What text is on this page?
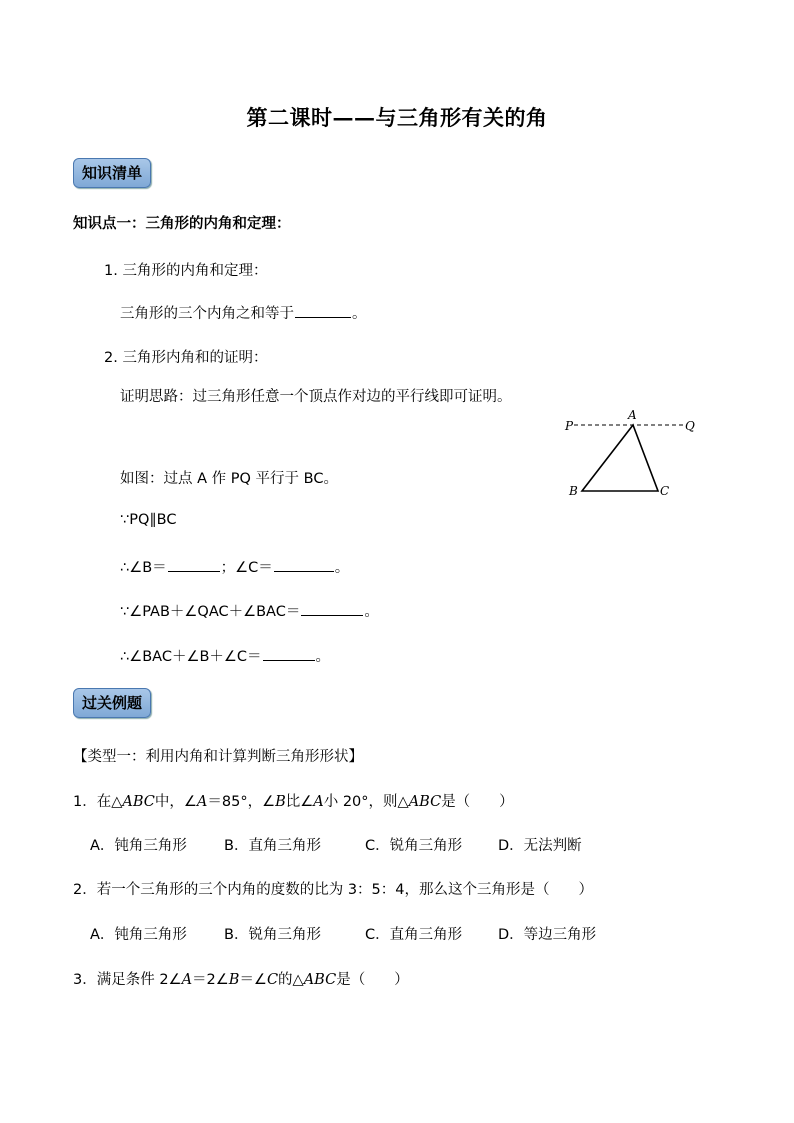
第二课时——与三角形有关的角
知识清单
知识点一：三角形的内角和定理：
1. 三角形的内角和定理：
三角形的三个内角之和等于	。
2. 三角形内角和的证明：
证明思路：过三角形任意一个顶点作对边的平行线即可证明。
如图：过点 A 作 PQ 平行于 BC。
∵PQ∥BC
∴∠B＝	；∠C＝	。
∵∠PAB＋∠QAC＋∠BAC＝	。
∴∠BAC＋∠B＋∠C＝	。
P
A
Q
B	C
过关例题
【类型一：利用内角和计算判断三角形形状】
1．在△ABC中，∠A＝85°，∠B比∠A小 20°，则△ABC是（　　）
A．钝角三角形	B．直角三角形	C．锐角三角形 D．无法判断
2．若一个三角形的三个内角的度数的比为 3：5：4，那么这个三角形是（　　）
A．钝角三角形	B．锐角三角形	C．直角三角形 D．等边三角形
3．满足条件 2∠A＝2∠B＝∠C的△ABC是（　　）
